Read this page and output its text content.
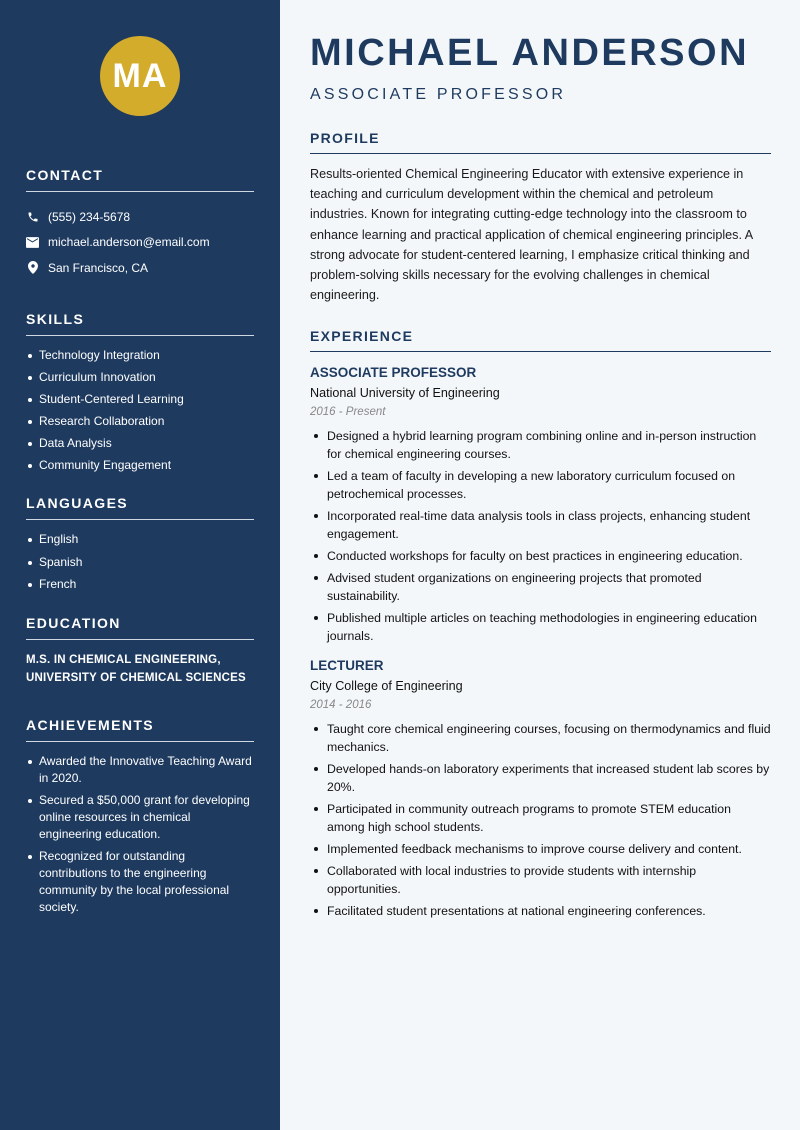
MA
CONTACT
(555) 234-5678
michael.anderson@email.com
San Francisco, CA
SKILLS
Technology Integration
Curriculum Innovation
Student-Centered Learning
Research Collaboration
Data Analysis
Community Engagement
LANGUAGES
English
Spanish
French
EDUCATION
M.S. IN CHEMICAL ENGINEERING,
UNIVERSITY OF CHEMICAL SCIENCES
ACHIEVEMENTS
Awarded the Innovative Teaching Award in 2020.
Secured a $50,000 grant for developing online resources in chemical engineering education.
Recognized for outstanding contributions to the engineering community by the local professional society.
MICHAEL ANDERSON
ASSOCIATE PROFESSOR
PROFILE

Results-oriented Chemical Engineering Educator with extensive experience in teaching and curriculum development within the chemical and petroleum industries. Known for integrating cutting-edge technology into the classroom to enhance learning and practical application of chemical engineering principles. A strong advocate for student-centered learning, I emphasize critical thinking and problem-solving skills necessary for the evolving challenges in chemical engineering.

EXPERIENCE
ASSOCIATE PROFESSOR
National University of Engineering
2016 - Present
Designed a hybrid learning program combining online and in-person instruction for chemical engineering courses.
Led a team of faculty in developing a new laboratory curriculum focused on petrochemical processes.
Incorporated real-time data analysis tools in class projects, enhancing student engagement.
Conducted workshops for faculty on best practices in engineering education.
Advised student organizations on engineering projects that promoted sustainability.
Published multiple articles on teaching methodologies in engineering education journals.
LECTURER
City College of Engineering
2014 - 2016
Taught core chemical engineering courses, focusing on thermodynamics and fluid mechanics.
Developed hands-on laboratory experiments that increased student lab scores by 20%.
Participated in community outreach programs to promote STEM education among high school students.
Implemented feedback mechanisms to improve course delivery and content.
Collaborated with local industries to provide students with internship opportunities.
Facilitated student presentations at national engineering conferences.
